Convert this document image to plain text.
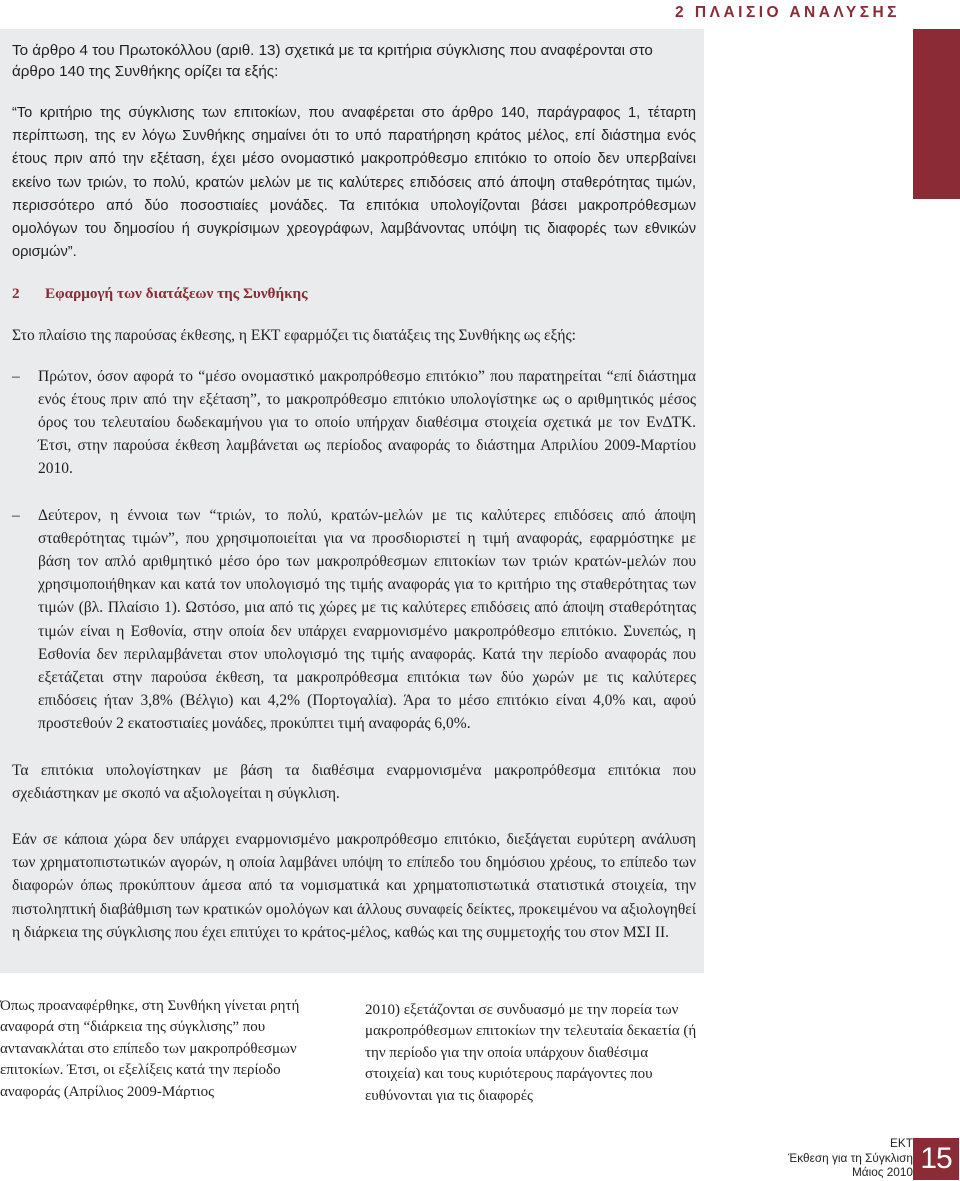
2 ΠΛΑΙΣΙΟ ΑΝΑΛΥΣΗΣ

Το άρθρο 4 του Πρωτοκόλλου (αριθ. 13) σχετικά με τα κριτήρια σύγκλισης που αναφέρονται στο άρθρο 140 της Συνθήκης ορίζει τα εξής:

“Το κριτήριο της σύγκλισης των επιτοκίων, που αναφέρεται στο άρθρο 140, παράγραφος 1, τέταρτη περίπτωση, της εν λόγω Συνθήκης σημαίνει ότι το υπό παρατήρηση κράτος μέλος, επί διάστημα ενός έτους πριν από την εξέταση, έχει μέσο ονομαστικό μακροπρόθεσμο επιτόκιο το οποίο δεν υπερβαίνει εκείνο των τριών, το πολύ, κρατών μελών με τις καλύτερες επιδόσεις από άποψη σταθερότητας τιμών, περισσότερο από δύο ποσοστιαίες μονάδες. Τα επιτόκια υπολογίζονται βάσει μακροπρόθεσμων ομολόγων του δημοσίου ή συγκρίσιμων χρεογράφων, λαμβάνοντας υπόψη τις διαφορές των εθνικών ορισμών”.

2 Εφαρμογή των διατάξεων της Συνθήκης

Στο πλαίσιο της παρούσας έκθεσης, η ΕΚΤ εφαρμόζει τις διατάξεις της Συνθήκης ως εξής:

– Πρώτον, όσον αφορά το “μέσο ονομαστικό μακροπρόθεσμο επιτόκιο” που παρατηρείται “επί διάστημα ενός έτους πριν από την εξέταση”, το μακροπρόθεσμο επιτόκιο υπολογίστηκε ως ο αριθμητικός μέσος όρος του τελευταίου δωδεκαμήνου για το οποίο υπήρχαν διαθέσιμα στοιχεία σχετικά με τον ΕνΔΤΚ. Έτσι, στην παρούσα έκθεση λαμβάνεται ως περίοδος αναφοράς το διάστημα Απριλίου 2009-Μαρτίου 2010.
– Δεύτερον, η έννοια των “τριών, το πολύ, κρατών-μελών με τις καλύτερες επιδόσεις από άποψη σταθερότητας τιμών”, που χρησιμοποιείται για να προσδιοριστεί η τιμή αναφοράς, εφαρμόστηκε με βάση τον απλό αριθμητικό μέσο όρο των μακροπρόθεσμων επιτοκίων των τριών κρατών-μελών που χρησιμοποιήθηκαν και κατά τον υπολογισμό της τιμής αναφοράς για το κριτήριο της σταθερότητας των τιμών (βλ. Πλαίσιο 1). Ωστόσο, μια από τις χώρες με τις καλύτερες επιδόσεις από άποψη σταθερότητας τιμών είναι η Εσθονία, στην οποία δεν υπάρχει εναρμονισμένο μακροπρόθεσμο επιτόκιο. Συνεπώς, η Εσθονία δεν περιλαμβάνεται στον υπολογισμό της τιμής αναφοράς. Κατά την περίοδο αναφοράς που εξετάζεται στην παρούσα έκθεση, τα μακροπρόθεσμα επιτόκια των δύο χωρών με τις καλύτερες επιδόσεις ήταν 3,8% (Βέλγιο) και 4,2% (Πορτογαλία). Άρα το μέσο επιτόκιο είναι 4,0% και, αφού προστεθούν 2 εκατοστιαίες μονάδες, προκύπτει τιμή αναφοράς 6,0%.

Τα επιτόκια υπολογίστηκαν με βάση τα διαθέσιμα εναρμονισμένα μακροπρόθεσμα επιτόκια που σχεδιάστηκαν με σκοπό να αξιολογείται η σύγκλιση.

Εάν σε κάποια χώρα δεν υπάρχει εναρμονισμένο μακροπρόθεσμο επιτόκιο, διεξάγεται ευρύτερη ανάλυση των χρηματοπιστωτικών αγορών, η οποία λαμβάνει υπόψη το επίπεδο του δημόσιου χρέους, το επίπεδο των διαφορών όπως προκύπτουν άμεσα από τα νομισματικά και χρηματοπιστωτικά στατιστικά στοιχεία, την πιστοληπτική διαβάθμιση των κρατικών ομολόγων και άλλους συναφείς δείκτες, προκειμένου να αξιολογηθεί η διάρκεια της σύγκλισης που έχει επιτύχει το κράτος-μέλος, καθώς και της συμμετοχής του στον ΜΣΙ ΙΙ.

Όπως προαναφέρθηκε, στη Συνθήκη γίνεται ρητή αναφορά στη “διάρκεια της σύγκλισης” που αντανακλάται στο επίπεδο των μακροπρόθεσμων επιτοκίων. Έτσι, οι εξελίξεις κατά την περίοδο αναφοράς (Απρίλιος 2009-Μάρτιος

2010) εξετάζονται σε συνδυασμό με την πορεία των μακροπρόθεσμων επιτοκίων την τελευταία δεκαετία (ή την περίοδο για την οποία υπάρχουν διαθέσιμα στοιχεία) και τους κυριότερους παράγοντες που ευθύνονται για τις διαφορές

ΕΚΤ
Έκθεση για τη Σύγκλιση
Μάιος 2010 15
